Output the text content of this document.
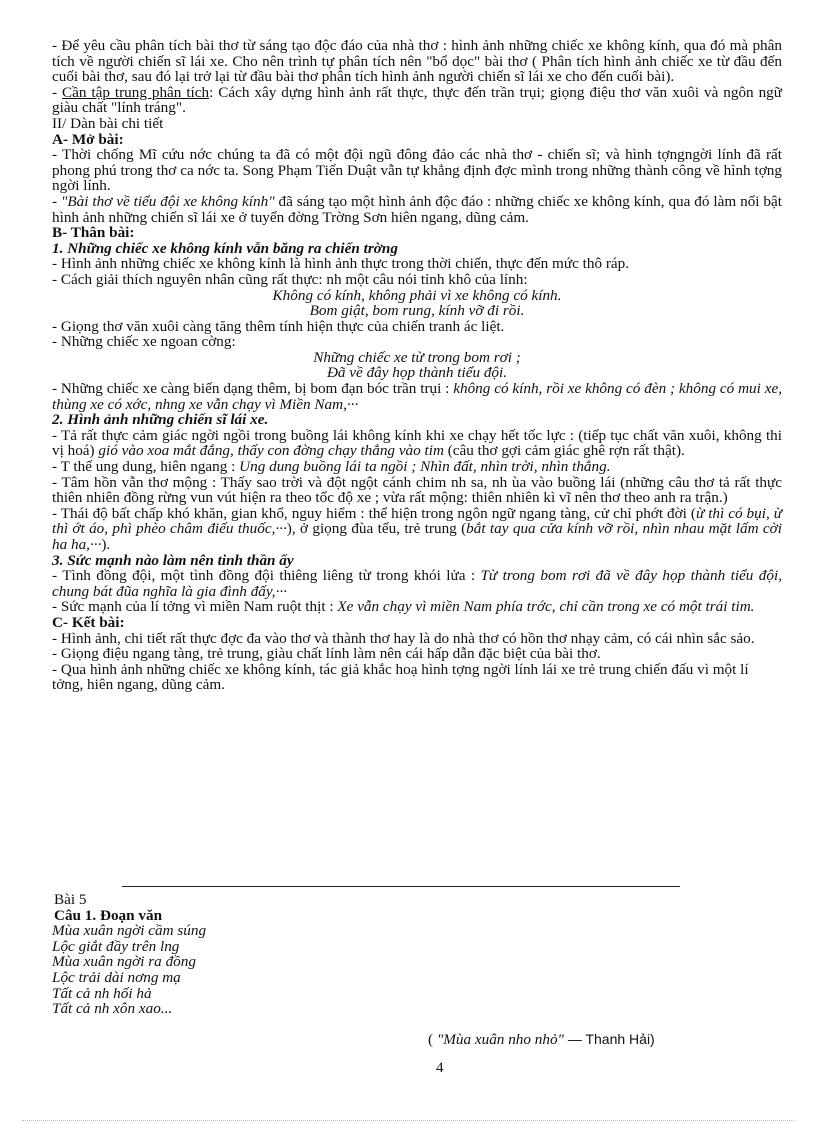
- Để yêu cầu phân tích bài thơ từ sáng tạo độc đáo của nhà thơ : hình ảnh những chiếc xe không kính, qua đó mà phân tích về người chiến sĩ lái xe. Cho nên trình tự phân tích nên "bổ dọc" bài thơ ( Phân tích hình ảnh chiếc xe từ đầu đến cuối bài thơ, sau đó lại trở lại từ đầu bài thơ phân tích hình ảnh người chiến sĩ lái xe cho đến cuối bài).

- Cần tập trung phân tích: Cách xây dựng hình ảnh rất thực, thực đến trần trụi; giọng điệu thơ văn xuôi và ngôn ngữ giàu chất "lính tráng".

II/ Dàn bài chi tiết

A- Mở bài:

- Thời chống Mĩ cứu nớc chúng ta đã có một đội ngũ đông đảo các nhà thơ - chiến sĩ; và hình tợngngời lính đã rất phong phú trong thơ ca nớc ta. Song Phạm Tiến Duật vẫn tự khẳng định đợc mình trong những thành công về hình tợng ngời lính.

- "Bài thơ về tiểu đội xe không kính" đã sáng tạo một hình ảnh độc đáo : những chiếc xe không kính, qua đó làm nổi bật hình ảnh những chiến sĩ lái xe ở tuyến đờng Trờng Sơn hiên ngang, dũng cảm.

B- Thân bài:

1. Những chiếc xe không kính vẫn băng ra chiến trờng

- Hình ảnh những chiếc xe không kính là hình ảnh thực trong thời chiến, thực đến mức thô ráp.

- Cách giải thích nguyên nhân cũng rất thực: nh một câu nói tỉnh khô của lính:

Không có kính, không phải vì xe không có kính.

Bom giật, bom rung, kính vỡ đi rồi.

- Giọng thơ văn xuôi càng tăng thêm tính hiện thực của chiến tranh ác liệt.

- Những chiếc xe ngoan cờng:

Những chiếc xe từ trong bom rơi ;

Đã về đây họp thành tiểu đội.

- Những chiếc xe càng biến dạng thêm, bị bom đạn bóc trần trụi : không có kính, rồi xe không có đèn ; không có mui xe, thùng xe có xớc, nhng xe vẫn chạy vì Miền Nam,···

2. Hình ảnh những chiến sĩ lái xe.

- Tả rất thực cảm giác ngời ngồi trong buồng lái không kính khi xe chạy hết tốc lực : (tiếp tục chất văn xuôi, không thi vị hoá) gió vào xoa mắt đắng, thấy con đờng chạy thẳng vào tim (câu thơ gợi cảm giác ghê rợn rất thật).

- T thế ung dung, hiên ngang : Ung dung buồng lái ta ngồi ; Nhìn đất, nhìn trời, nhìn thẳng.

- Tâm hồn vẫn thơ mộng : Thấy sao trời và đột ngột cánh chim nh sa, nh ùa vào buồng lái (những câu thơ tả rất thực thiên nhiên đồng rừng vun vút hiện ra theo tốc độ xe ; vừa rất mộng: thiên nhiên kì vĩ nên thơ theo anh ra trận.)

- Thái độ bất chấp khó khăn, gian khổ, nguy hiểm : thể hiện trong ngôn ngữ ngang tàng, cử chỉ phớt đời (ừ thì có bụi, ừ thì ớt áo, phì phèo châm điếu thuốc,···), ở giọng đùa tếu, trẻ trung (bắt tay qua cửa kính vỡ rồi, nhìn nhau mặt lấm cời ha ha,···).

3. Sức mạnh nào làm nên tinh thần ấy

- Tình đồng đội, một tình đồng đội thiêng liêng từ trong khói lửa : Từ trong bom rơi đã về đây họp thành tiểu đội, chung bát đũa nghĩa là gia đình đấy,···

- Sức mạnh của lí tởng vì miền Nam ruột thịt : Xe vẫn chạy vì miền Nam phía trớc, chỉ cần trong xe có một trái tim.

C- Kết bài:

- Hình ảnh, chi tiết rất thực đợc đa vào thơ và thành thơ hay là do nhà thơ có hồn thơ nhạy cảm, có cái nhìn sắc sảo.

- Giọng điệu ngang tàng, trẻ trung, giàu chất lính làm nên cái hấp dẫn đặc biệt của bài thơ.

- Qua hình ảnh những chiếc xe không kính, tác giả khắc hoạ hình tợng ngời lính lái xe trẻ trung chiến đấu vì một lí tởng, hiên ngang, dũng cảm.

Bài 5

Câu 1. Đoạn văn

Mùa xuân ngời cầm súng

Lộc giắt đầy trên lng

Mùa xuân ngời ra đồng

Lộc trải dài nơng mạ

Tất cả nh hối hả

Tất cả nh xôn xao...

( "Mùa xuân nho nhỏ" — Thanh Hải)
4
